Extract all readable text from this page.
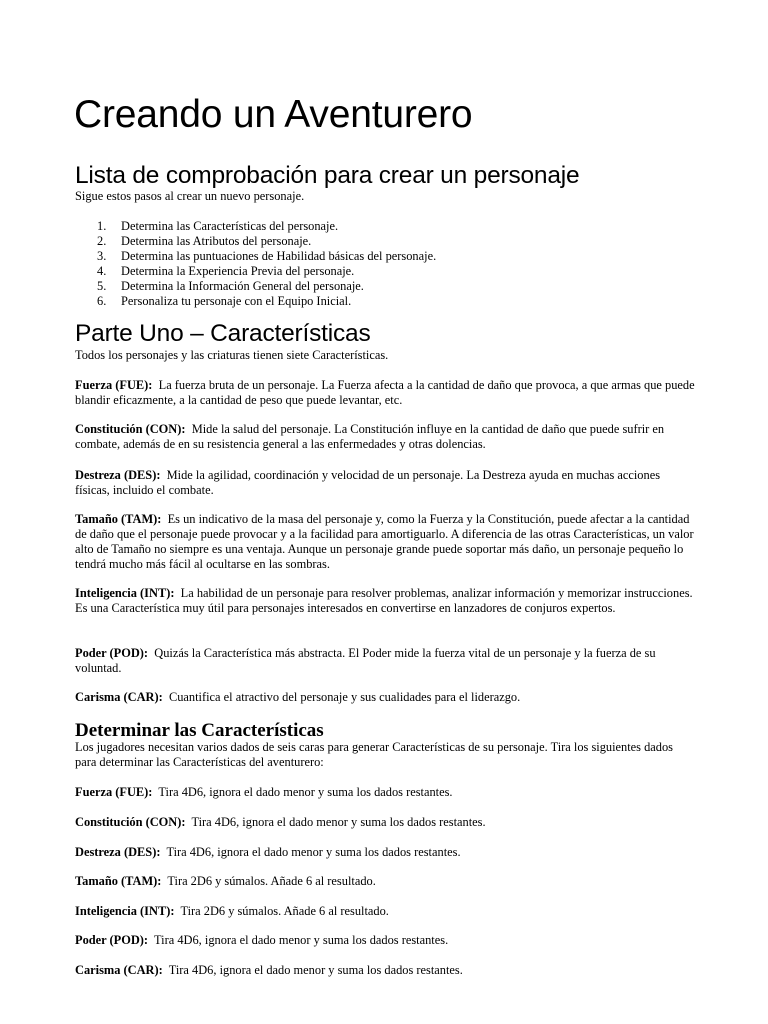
Creando un Aventurero
Lista de comprobación para crear un personaje

Sigue estos pasos al crear un nuevo personaje.

1. Determina las Características del personaje.
2. Determina las Atributos del personaje.
3. Determina las puntuaciones de Habilidad básicas del personaje.
4. Determina la Experiencia Previa del personaje.
5. Determina la Información General del personaje.
6. Personaliza tu personaje con el Equipo Inicial.
Parte Uno – Características

Todos los personajes y las criaturas tienen siete Características.

Fuerza (FUE): La fuerza bruta de un personaje. La Fuerza afecta a la cantidad de daño que provoca, a que armas que puede blandir eficazmente, a la cantidad de peso que puede levantar, etc.

Constitución (CON): Mide la salud del personaje. La Constitución influye en la cantidad de daño que puede sufrir en combate, además de en su resistencia general a las enfermedades y otras dolencias.

Destreza (DES): Mide la agilidad, coordinación y velocidad de un personaje. La Destreza ayuda en muchas acciones físicas, incluido el combate.

Tamaño (TAM): Es un indicativo de la masa del personaje y, como la Fuerza y la Constitución, puede afectar a la cantidad de daño que el personaje puede provocar y a la facilidad para amortiguarlo. A diferencia de las otras Características, un valor alto de Tamaño no siempre es una ventaja. Aunque un personaje grande puede soportar más daño, un personaje pequeño lo tendrá mucho más fácil al ocultarse en las sombras.

Inteligencia (INT): La habilidad de un personaje para resolver problemas, analizar información y memorizar instrucciones. Es una Característica muy útil para personajes interesados en convertirse en lanzadores de conjuros expertos.

Poder (POD): Quizás la Característica más abstracta. El Poder mide la fuerza vital de un personaje y la fuerza de su voluntad.

Carisma (CAR): Cuantifica el atractivo del personaje y sus cualidades para el liderazgo.

Determinar las Características

Los jugadores necesitan varios dados de seis caras para generar Características de su personaje. Tira los siguientes dados para determinar las Características del aventurero:

Fuerza (FUE): Tira 4D6, ignora el dado menor y suma los dados restantes.

Constitución (CON): Tira 4D6, ignora el dado menor y suma los dados restantes.

Destreza (DES): Tira 4D6, ignora el dado menor y suma los dados restantes.

Tamaño (TAM): Tira 2D6 y súmalos. Añade 6 al resultado.

Inteligencia (INT): Tira 2D6 y súmalos. Añade 6 al resultado.

Poder (POD): Tira 4D6, ignora el dado menor y suma los dados restantes.

Carisma (CAR): Tira 4D6, ignora el dado menor y suma los dados restantes.
